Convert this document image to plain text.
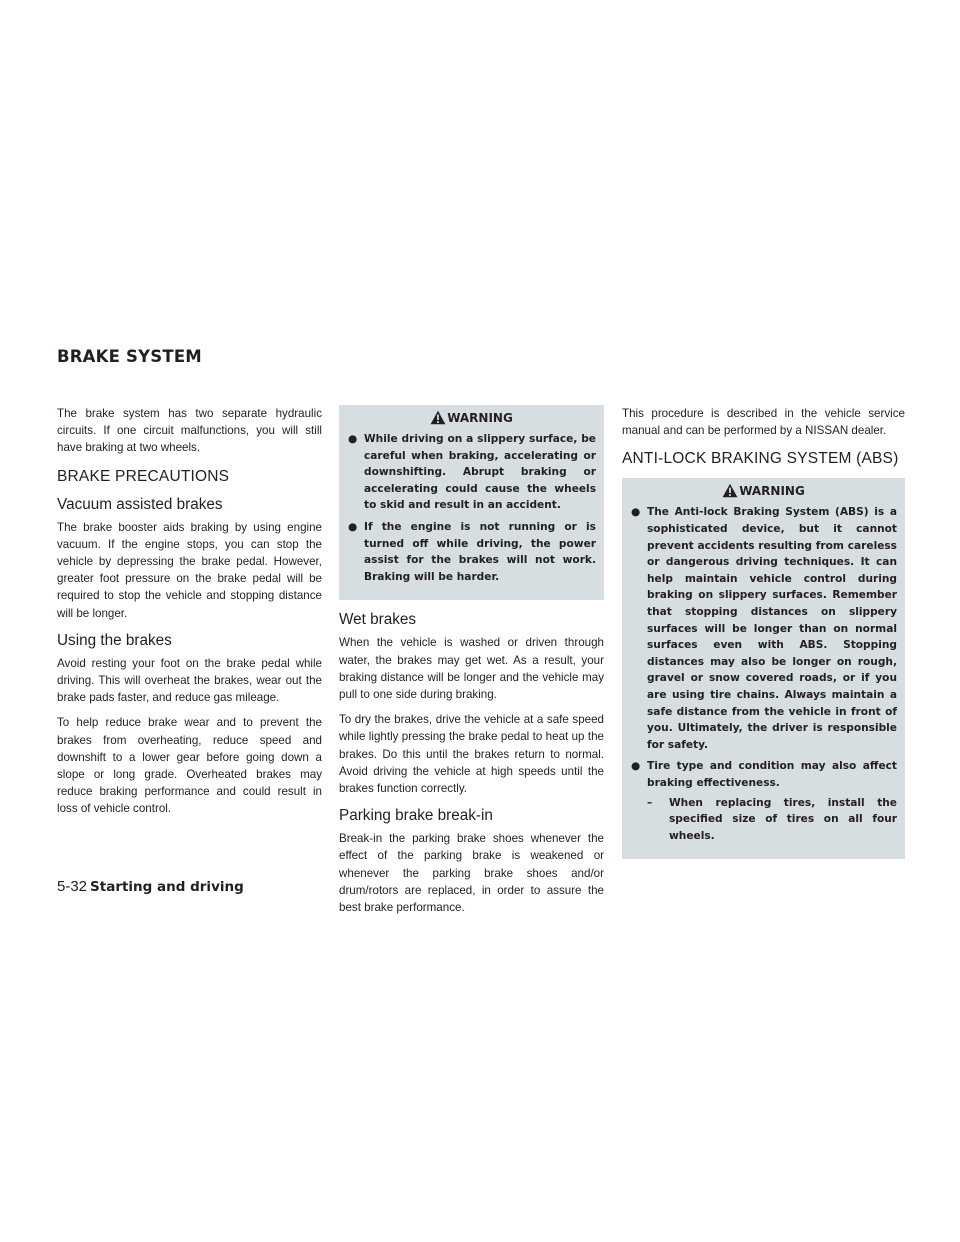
BRAKE SYSTEM

The brake system has two separate hydraulic circuits. If one circuit malfunctions, you will still have braking at two wheels.

BRAKE PRECAUTIONS
Vacuum assisted brakes

The brake booster aids braking by using engine vacuum. If the engine stops, you can stop the vehicle by depressing the brake pedal. However, greater foot pressure on the brake pedal will be required to stop the vehicle and stopping distance will be longer.

Using the brakes

Avoid resting your foot on the brake pedal while driving. This will overheat the brakes, wear out the brake pads faster, and reduce gas mileage.

To help reduce brake wear and to prevent the brakes from overheating, reduce speed and downshift to a lower gear before going down a slope or long grade. Overheated brakes may reduce braking performance and could result in loss of vehicle control.

WARNING
● While driving on a slippery surface, be careful when braking, accelerating or downshifting. Abrupt braking or accelerating could cause the wheels to skid and result in an accident.
● If the engine is not running or is turned off while driving, the power assist for the brakes will not work. Braking will be harder.
Wet brakes

When the vehicle is washed or driven through water, the brakes may get wet. As a result, your braking distance will be longer and the vehicle may pull to one side during braking.

To dry the brakes, drive the vehicle at a safe speed while lightly pressing the brake pedal to heat up the brakes. Do this until the brakes return to normal. Avoid driving the vehicle at high speeds until the brakes function correctly.

Parking brake break-in

Break-in the parking brake shoes whenever the effect of the parking brake is weakened or whenever the parking brake shoes and/or drum/rotors are replaced, in order to assure the best brake performance.

This procedure is described in the vehicle service manual and can be performed by a NISSAN dealer.

ANTI-LOCK BRAKING SYSTEM (ABS)
WARNING
● The Anti-lock Braking System (ABS) is a sophisticated device, but it cannot prevent accidents resulting from careless or dangerous driving techniques. It can help maintain vehicle control during braking on slippery surfaces. Remember that stopping distances on slippery surfaces will be longer than on normal surfaces even with ABS. Stopping distances may also be longer on rough, gravel or snow covered roads, or if you are using tire chains. Always maintain a safe distance from the vehicle in front of you. Ultimately, the driver is responsible for safety.
● Tire type and condition may also affect braking effectiveness.
– When replacing tires, install the specified size of tires on all four wheels.
5-32 Starting and driving
